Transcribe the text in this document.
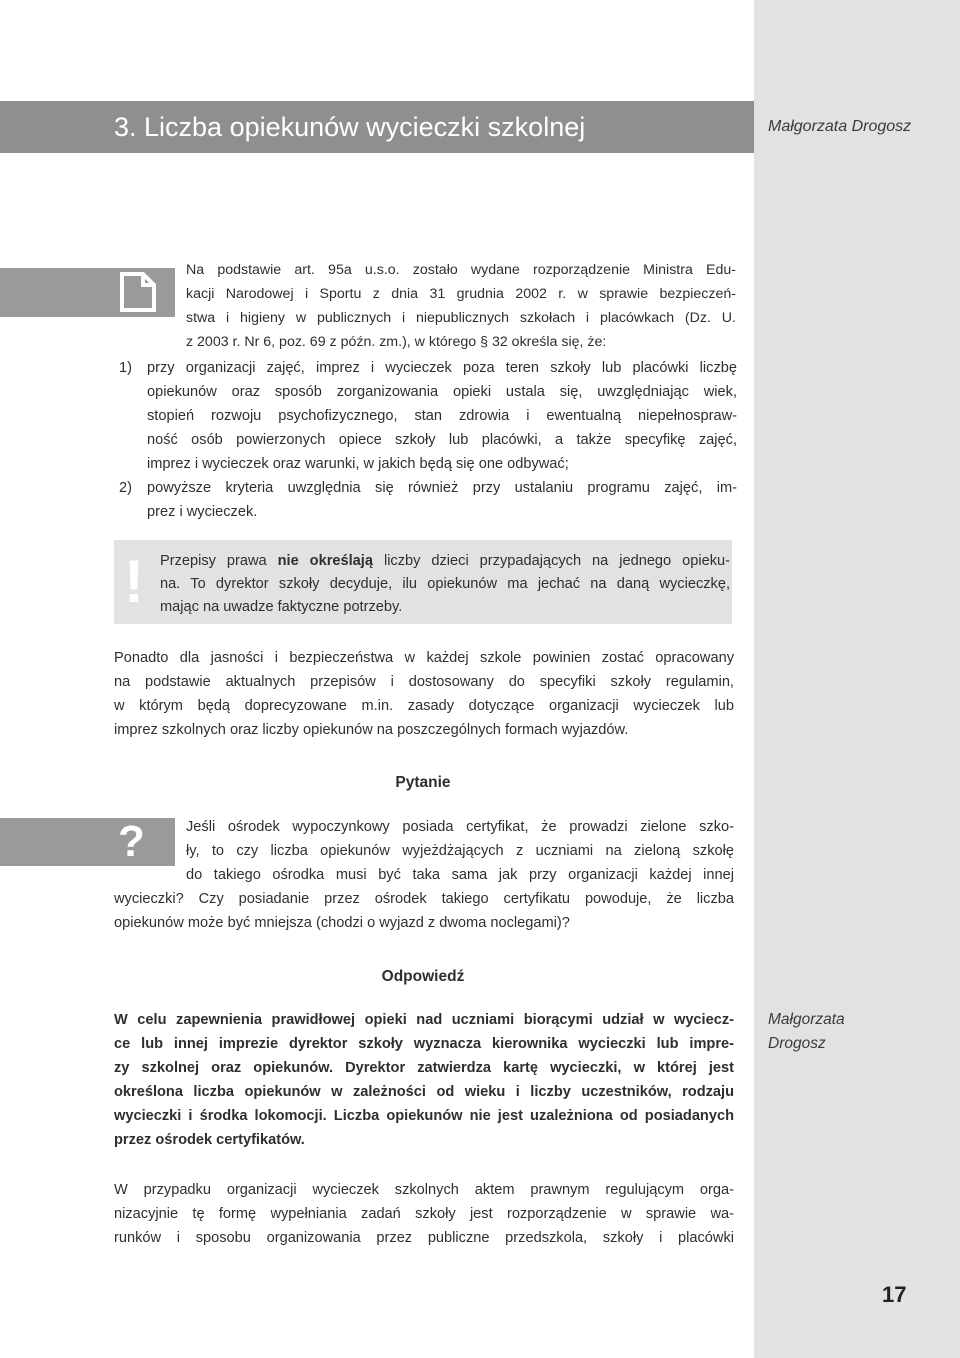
3. Liczba opiekunów wycieczki szkolnej	Małgorzata Drogosz
Na podstawie art. 95a u.s.o. zostało wydane rozporządzenie Ministra Edu-
kacji Narodowej i Sportu z dnia 31 grudnia 2002 r. w sprawie bezpieczeń-
stwa i higieny w publicznych i niepublicznych szkołach i placówkach (Dz. U.
z 2003 r. Nr 6, poz. 69 z późn. zm.), w którego § 32 określa się, że:
1) przy organizacji zajęć, imprez i wycieczek poza teren szkoły lub placówki liczbę
opiekunów oraz sposób zorganizowania opieki ustala się, uwzględniając wiek,
stopień rozwoju psychofizycznego, stan zdrowia i ewentualną niepełnospraw-
ność osób powierzonych opiece szkoły lub placówki, a także specyfikę zajęć,
imprez i wycieczek oraz warunki, w jakich będą się one odbywać;
2) powyższe kryteria uwzględnia się również przy ustalaniu programu zajęć, im-
prez i wycieczek.
! Przepisy prawa nie określają liczby dzieci przypadających na jednego opieku-
na. To dyrektor szkoły decyduje, ilu opiekunów ma jechać na daną wycieczkę,
mając na uwadze faktyczne potrzeby.
Ponadto dla jasności i bezpieczeństwa w każdej szkole powinien zostać opracowany
na podstawie aktualnych przepisów i dostosowany do specyfiki szkoły regulamin,
w którym będą doprecyzowane m.in. zasady dotyczące organizacji wycieczek lub
imprez szkolnych oraz liczby opiekunów na poszczególnych formach wyjazdów.
Pytanie
?	Jeśli ośrodek wypoczynkowy posiada certyfikat, że prowadzi zielone szko-
ły, to czy liczba opiekunów wyjeżdżających z uczniami na zieloną szkołę
do takiego ośrodka musi być taka sama jak przy organizacji każdej innej
wycieczki? Czy posiadanie przez ośrodek takiego certyfikatu powoduje, że liczba
opiekunów może być mniejsza (chodzi o wyjazd z dwoma noclegami)?
Odpowiedź
W celu zapewnienia prawidłowej opieki nad uczniami biorącymi udział w wyciecz-
ce lub innej imprezie dyrektor szkoły wyznacza kierownika wycieczki lub impre-
zy szkolnej oraz opiekunów. Dyrektor zatwierdza kartę wycieczki, w której jest
określona liczba opiekunów w zależności od wieku i liczby uczestników, rodzaju
wycieczki i środka lokomocji. Liczba opiekunów nie jest uzależniona od posiadanych
przez ośrodek certyfikatów.
Małgorzata
Drogosz
W przypadku organizacji wycieczek szkolnych aktem prawnym regulującym orga-
nizacyjnie tę formę wypełniania zadań szkoły jest rozporządzenie w sprawie wa-
runków i sposobu organizowania przez publiczne przedszkola, szkoły i placówki
17
